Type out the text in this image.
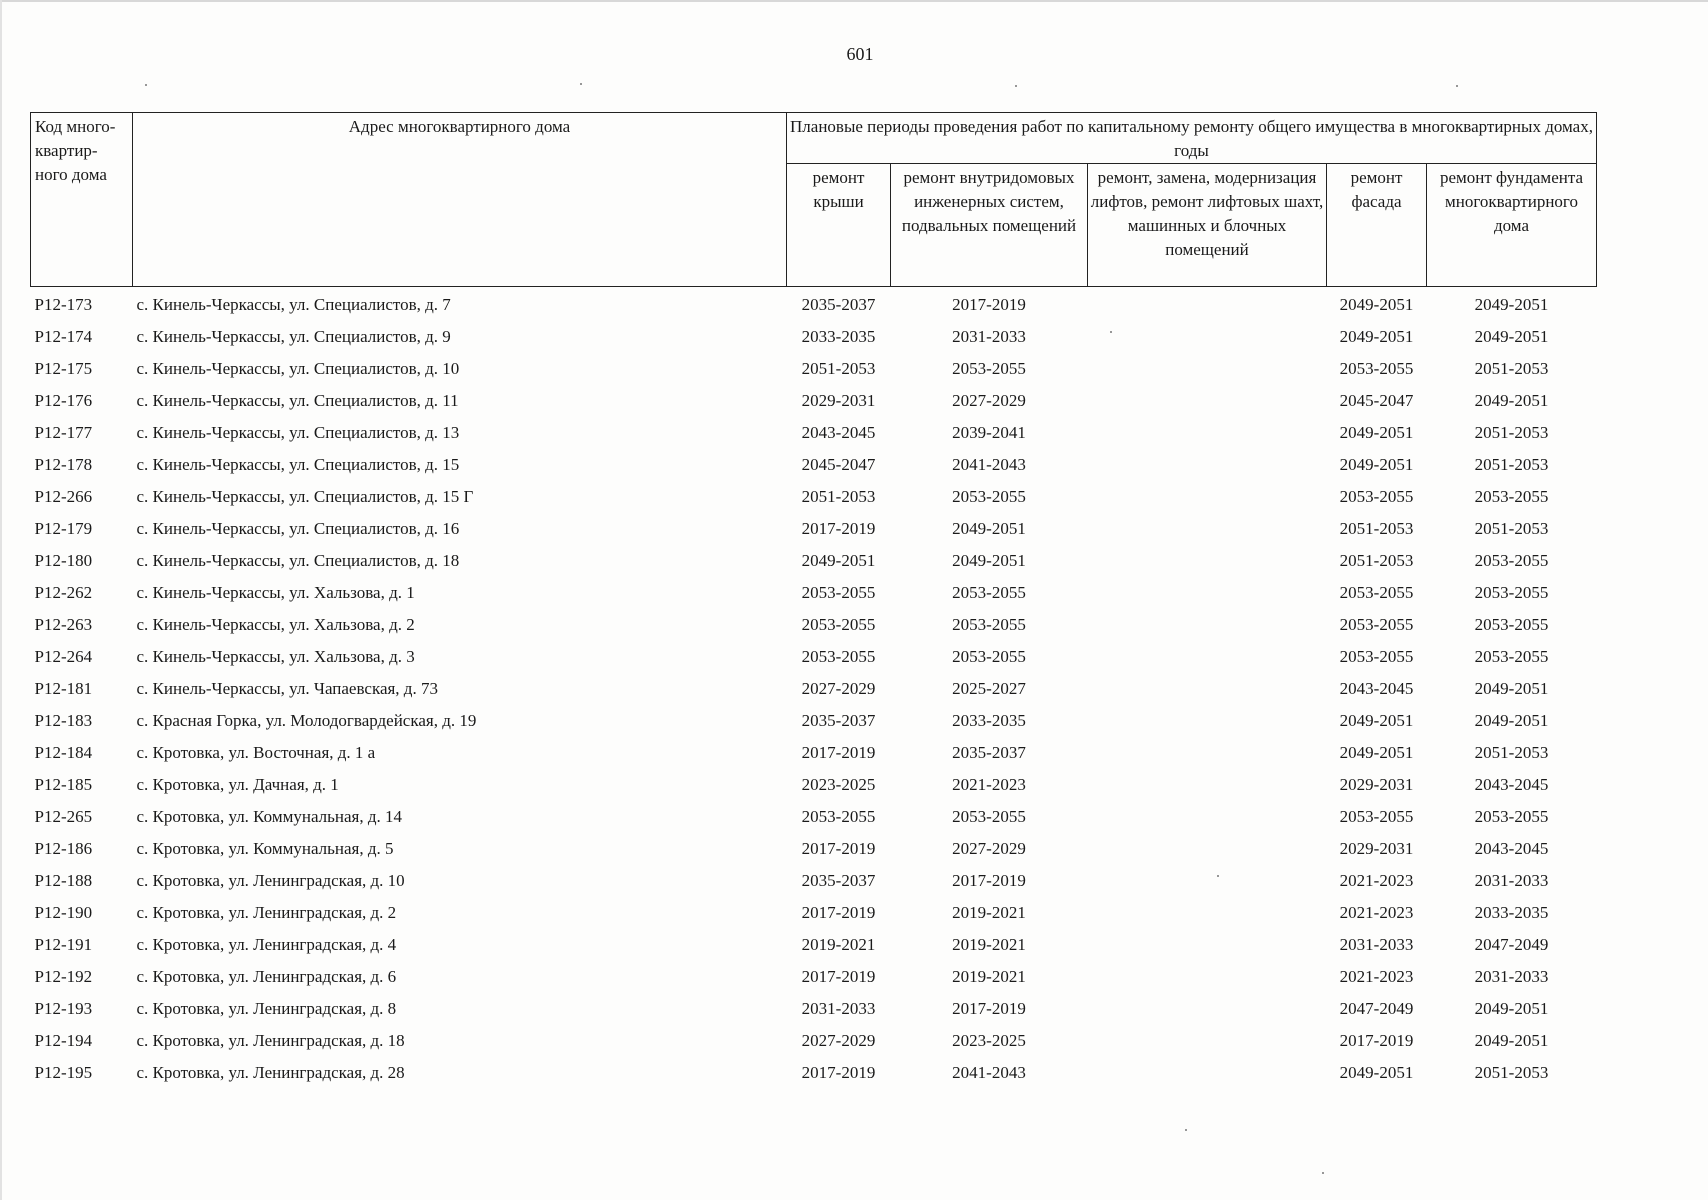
601
Код много-квартир-ного дома	Адрес многоквартирного дома	Плановые периоды проведения работ по капитальному ремонту общего имущества в многоквартирных домах, годы				
		ремонт крыши	ремонт внутридомовых инженерных систем, подвальных помещений	ремонт, замена, модернизация лифтов, ремонт лифтовых шахт, машинных и блочных помещений	ремонт фасада	ремонт фундамента многоквартирного дома
P12-173	с. Кинель-Черкассы, ул. Специалистов, д. 7	2035-2037	2017-2019		2049-2051	2049-2051
P12-174	с. Кинель-Черкассы, ул. Специалистов, д. 9	2033-2035	2031-2033		2049-2051	2049-2051
P12-175	с. Кинель-Черкассы, ул. Специалистов, д. 10	2051-2053	2053-2055		2053-2055	2051-2053
P12-176	с. Кинель-Черкассы, ул. Специалистов, д. 11	2029-2031	2027-2029		2045-2047	2049-2051
P12-177	с. Кинель-Черкассы, ул. Специалистов, д. 13	2043-2045	2039-2041		2049-2051	2051-2053
P12-178	с. Кинель-Черкассы, ул. Специалистов, д. 15	2045-2047	2041-2043		2049-2051	2051-2053
P12-266	с. Кинель-Черкассы, ул. Специалистов, д. 15 Г	2051-2053	2053-2055		2053-2055	2053-2055
P12-179	с. Кинель-Черкассы, ул. Специалистов, д. 16	2017-2019	2049-2051		2051-2053	2051-2053
P12-180	с. Кинель-Черкассы, ул. Специалистов, д. 18	2049-2051	2049-2051		2051-2053	2053-2055
P12-262	с. Кинель-Черкассы, ул. Хальзова, д. 1	2053-2055	2053-2055		2053-2055	2053-2055
P12-263	с. Кинель-Черкассы, ул. Хальзова, д. 2	2053-2055	2053-2055		2053-2055	2053-2055
P12-264	с. Кинель-Черкассы, ул. Хальзова, д. 3	2053-2055	2053-2055		2053-2055	2053-2055
P12-181	с. Кинель-Черкассы, ул. Чапаевская, д. 73	2027-2029	2025-2027		2043-2045	2049-2051
P12-183	с. Красная Горка, ул. Молодогвардейская, д. 19	2035-2037	2033-2035		2049-2051	2049-2051
P12-184	с. Кротовка, ул. Восточная, д. 1 а	2017-2019	2035-2037		2049-2051	2051-2053
P12-185	с. Кротовка, ул. Дачная, д. 1	2023-2025	2021-2023		2029-2031	2043-2045
P12-265	с. Кротовка, ул. Коммунальная, д. 14	2053-2055	2053-2055		2053-2055	2053-2055
P12-186	с. Кротовка, ул. Коммунальная, д. 5	2017-2019	2027-2029		2029-2031	2043-2045
P12-188	с. Кротовка, ул. Ленинградская, д. 10	2035-2037	2017-2019		2021-2023	2031-2033
P12-190	с. Кротовка, ул. Ленинградская, д. 2	2017-2019	2019-2021		2021-2023	2033-2035
P12-191	с. Кротовка, ул. Ленинградская, д. 4	2019-2021	2019-2021		2031-2033	2047-2049
P12-192	с. Кротовка, ул. Ленинградская, д. 6	2017-2019	2019-2021		2021-2023	2031-2033
P12-193	с. Кротовка, ул. Ленинградская, д. 8	2031-2033	2017-2019		2047-2049	2049-2051
P12-194	с. Кротовка, ул. Ленинградская, д. 18	2027-2029	2023-2025		2017-2019	2049-2051
P12-195	с. Кротовка, ул. Ленинградская, д. 28	2017-2019	2041-2043		2049-2051	2051-2053
